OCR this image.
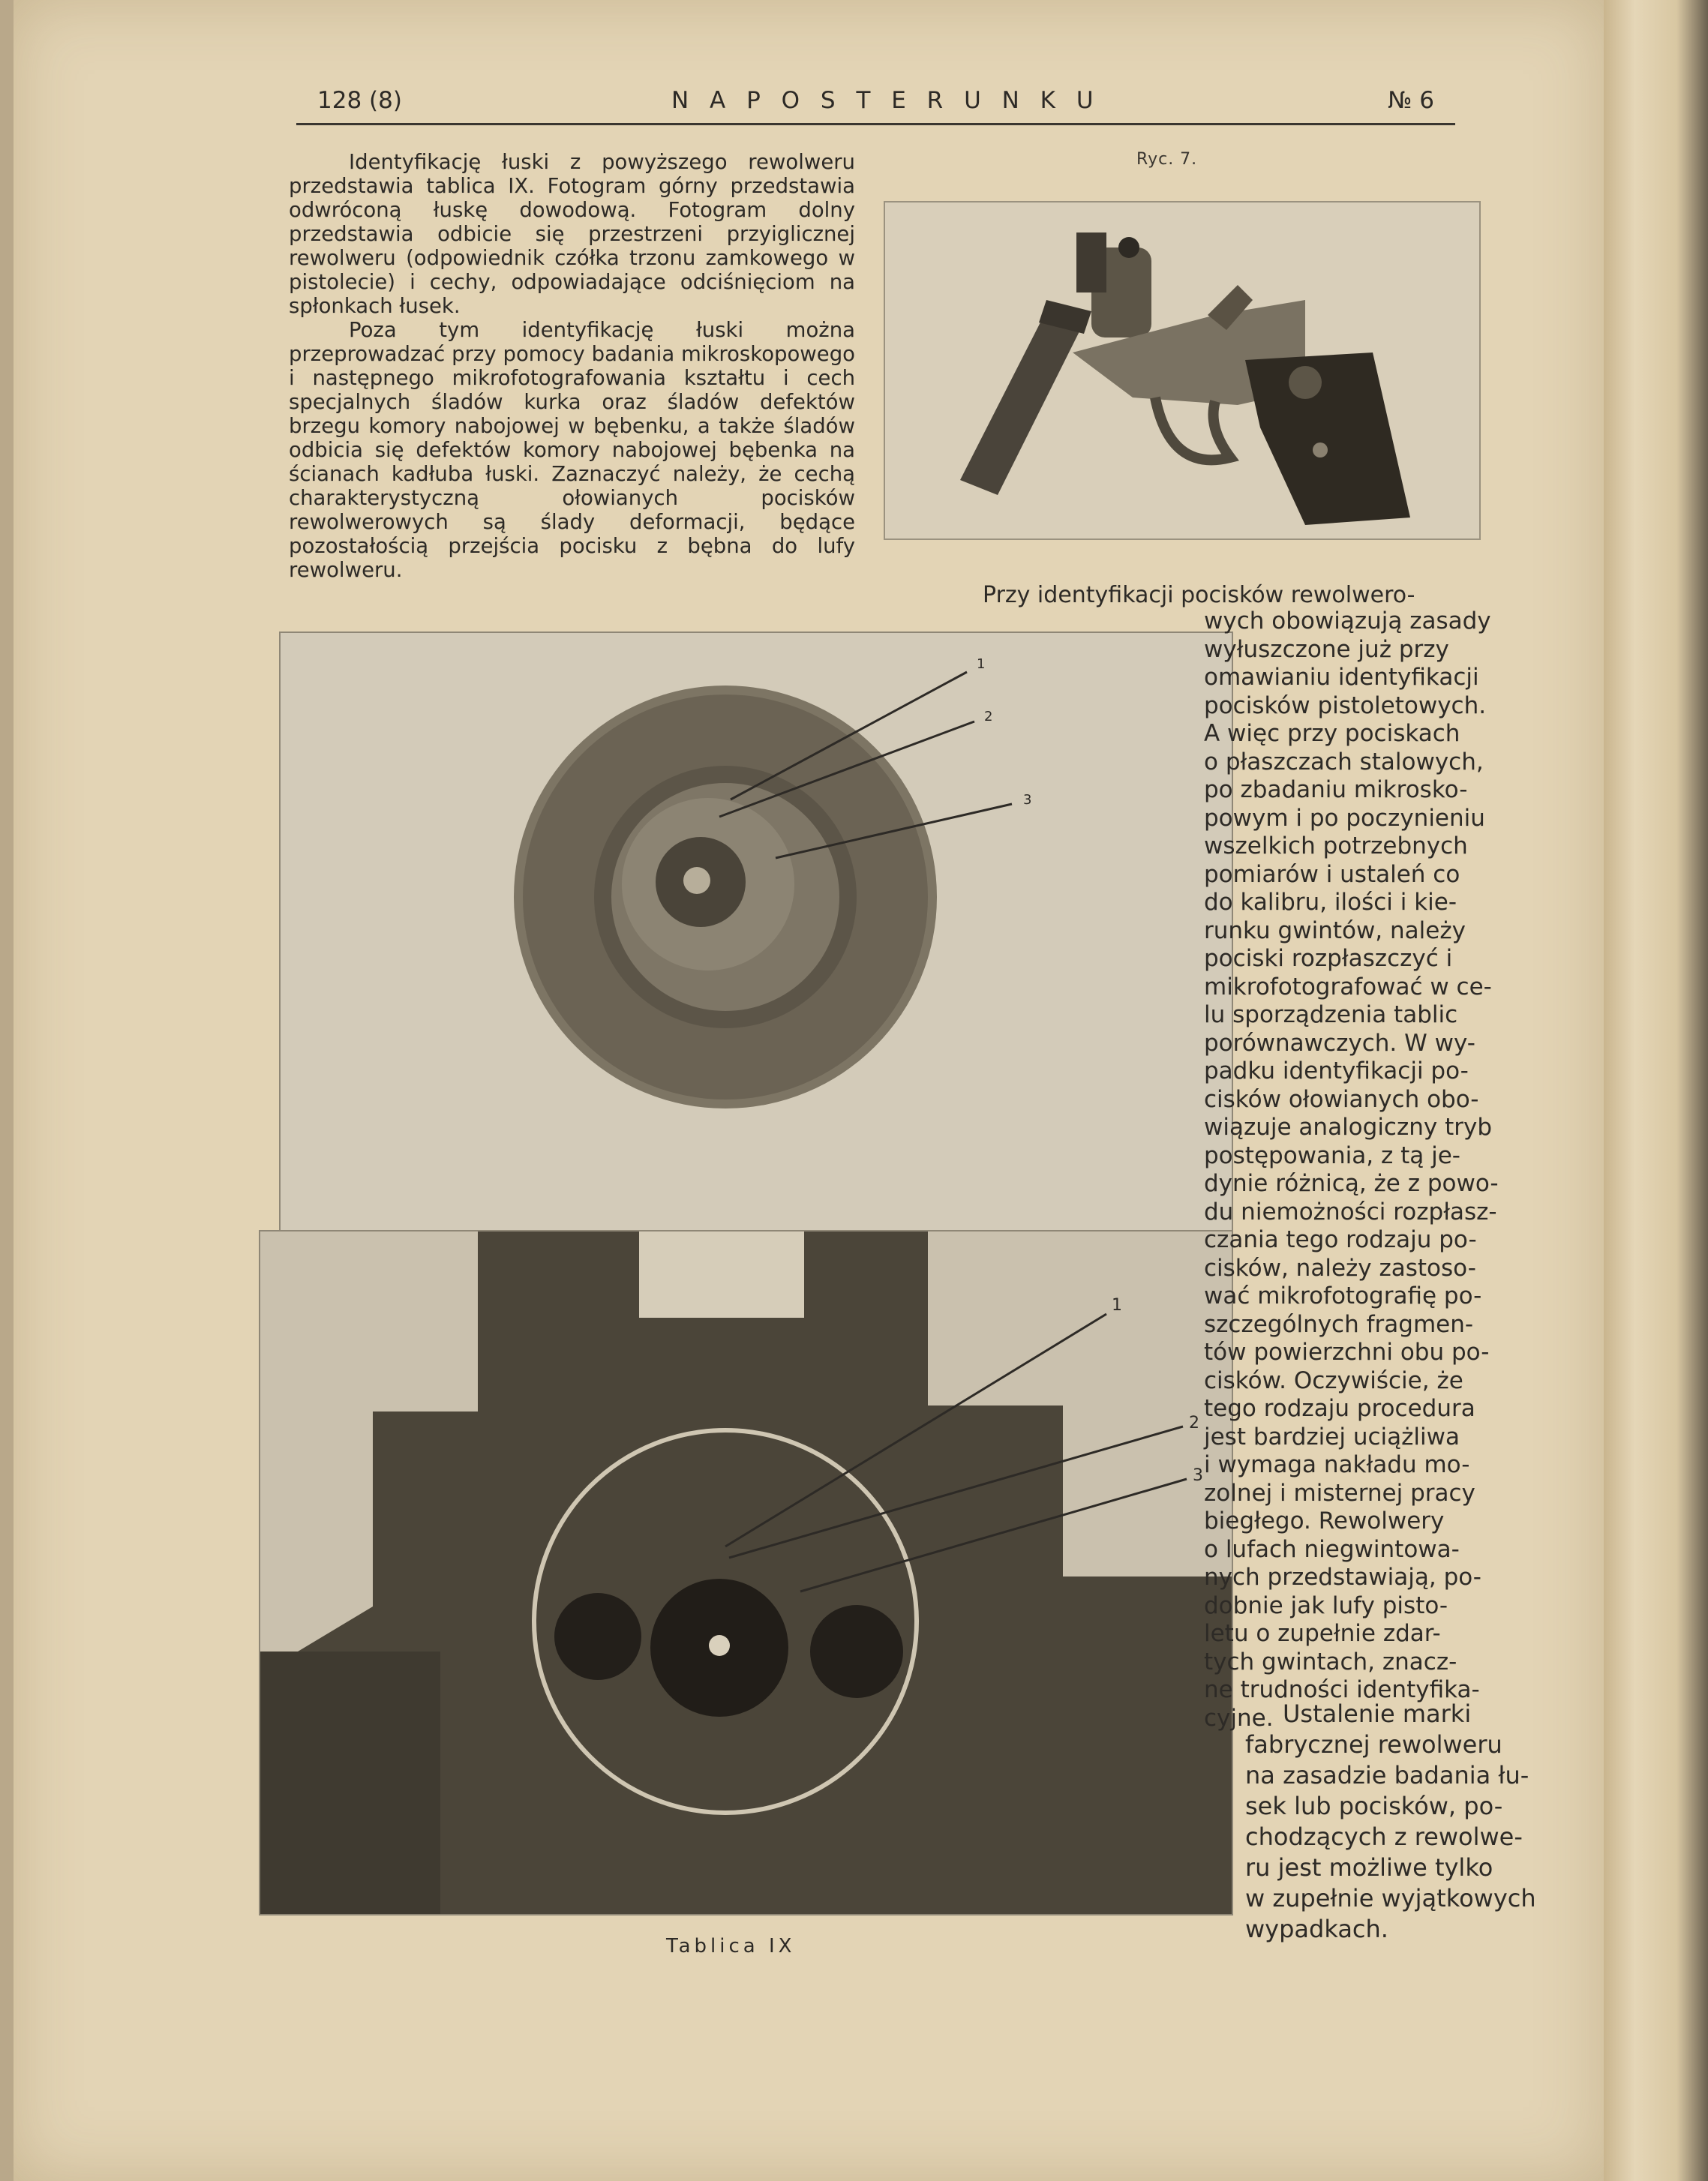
128 (8)	N A P O S T E R U N K U	№ 6

Identyfikację łuski z powyższego rewolweru przedstawia tablica IX. Fotogram górny przedstawia odwróconą łuskę dowodową. Fotogram dolny przedstawia odbicie się przestrzeni przyiglicznej rewolweru (odpowiednik czółka trzonu zamkowego w pistolecie) i cechy, odpowiadające odciśnięciom na spłonkach łusek.

Poza tym identyfikację łuski można przeprowadzać przy pomocy badania mikroskopowego i następnego mikrofotografowania kształtu i cech specjalnych śladów kurka oraz śladów defektów brzegu komory nabojowej w bębenku, a także śladów odbicia się defektów komory nabojowej bębenka na ścianach kadłuba łuski. Zaznaczyć należy, że cechą charakterystyczną ołowianych pocisków rewolwerowych są ślady deformacji, będące pozostałością przejścia pocisku z bębna do lufy rewolweru.

Ryc. 7.
1
2
3
1
2
3
Tablica IX
Przy identyfikacji pocisków rewolwero-
wych obowiązują zasady
wyłuszczone już przy
omawianiu identyfikacji
pocisków pistoletowych.
A więc przy pociskach
o płaszczach stalowych,
po zbadaniu mikrosko-
powym i po poczynieniu
wszelkich potrzebnych
pomiarów i ustaleń co
do kalibru, ilości i kie-
runku gwintów, należy
pociski rozpłaszczyć i
mikrofotografować w ce-
lu sporządzenia tablic
porównawczych. W wy-
padku identyfikacji po-
cisków ołowianych obo-
wiązuje analogiczny tryb
postępowania, z tą je-
dynie różnicą, że z powo-
du niemożności rozpłasz-
czania tego rodzaju po-
cisków, należy zastoso-
wać mikrofotografię po-
szczególnych fragmen-
tów powierzchni obu po-
cisków. Oczywiście, że
tego rodzaju procedura
jest bardziej uciążliwa
i wymaga nakładu mo-
zolnej i misternej pracy
biegłego. Rewolwery
o lufach niegwintowa-
nych przedstawiają, po-
dobnie jak lufy pisto-
letu o zupełnie zdar-
tych gwintach, znacz-
ne trudności identyfika-
cyjne. Ustalenie marki
fabrycznej rewolweru
na zasadzie badania łu-
sek lub pocisków, po-
chodzących z rewolwe-
ru jest możliwe tylko
w zupełnie wyjątkowych
wypadkach.
